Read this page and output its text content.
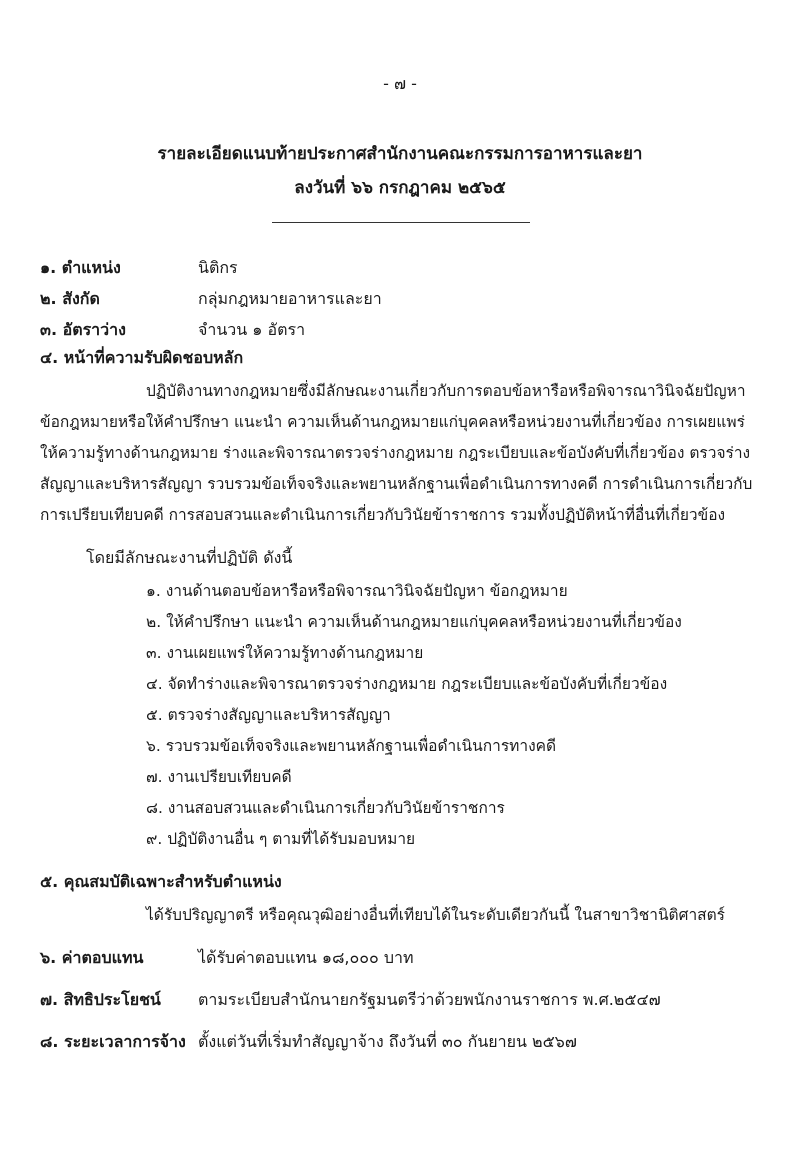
- ๗ -
รายละเอียดแนบท้ายประกาศสำนักงานคณะกรรมการอาหารและยา
ลงวันที่ ๖๖ กรกฎาคม ๒๕๖๕
๑. ตำแหน่ง	นิติกร
๒. สังกัด	กลุ่มกฎหมายอาหารและยา
๓. อัตราว่าง	จำนวน ๑ อัตรา
๔. หน้าที่ความรับผิดชอบหลัก
ปฏิบัติงานทางกฎหมายซึ่งมีลักษณะงานเกี่ยวกับการตอบข้อหารือหรือพิจารณาวินิจฉัยปัญหา
ข้อกฎหมายหรือให้คำปรึกษา แนะนำ ความเห็นด้านกฎหมายแก่บุคคลหรือหน่วยงานที่เกี่ยวข้อง การเผยแพร่
ให้ความรู้ทางด้านกฎหมาย ร่างและพิจารณาตรวจร่างกฎหมาย กฎระเบียบและข้อบังคับที่เกี่ยวข้อง ตรวจร่าง
สัญญาและบริหารสัญญา รวบรวมข้อเท็จจริงและพยานหลักฐานเพื่อดำเนินการทางคดี การดำเนินการเกี่ยวกับ
การเปรียบเทียบคดี การสอบสวนและดำเนินการเกี่ยวกับวินัยข้าราชการ รวมทั้งปฏิบัติหน้าที่อื่นที่เกี่ยวข้อง
โดยมีลักษณะงานที่ปฏิบัติ ดังนี้
๑. งานด้านตอบข้อหารือหรือพิจารณาวินิจฉัยปัญหา ข้อกฎหมาย
๒. ให้คำปรึกษา แนะนำ ความเห็นด้านกฎหมายแก่บุคคลหรือหน่วยงานที่เกี่ยวข้อง
๓. งานเผยแพร่ให้ความรู้ทางด้านกฎหมาย
๔. จัดทำร่างและพิจารณาตรวจร่างกฎหมาย กฎระเบียบและข้อบังคับที่เกี่ยวข้อง
๕. ตรวจร่างสัญญาและบริหารสัญญา
๖. รวบรวมข้อเท็จจริงและพยานหลักฐานเพื่อดำเนินการทางคดี
๗. งานเปรียบเทียบคดี
๘. งานสอบสวนและดำเนินการเกี่ยวกับวินัยข้าราชการ
๙. ปฏิบัติงานอื่น ๆ ตามที่ได้รับมอบหมาย
๕. คุณสมบัติเฉพาะสำหรับตำแหน่ง
ได้รับปริญญาตรี หรือคุณวุฒิอย่างอื่นที่เทียบได้ในระดับเดียวกันนี้ ในสาขาวิชานิติศาสตร์
๖. ค่าตอบแทน	ได้รับค่าตอบแทน ๑๘,๐๐๐ บาท
๗. สิทธิประโยชน์ ตามระเบียบสำนักนายกรัฐมนตรีว่าด้วยพนักงานราชการ พ.ศ.๒๕๔๗
๘. ระยะเวลาการจ้าง ตั้งแต่วันที่เริ่มทำสัญญาจ้าง ถึงวันที่ ๓๐ กันยายน ๒๕๖๗
